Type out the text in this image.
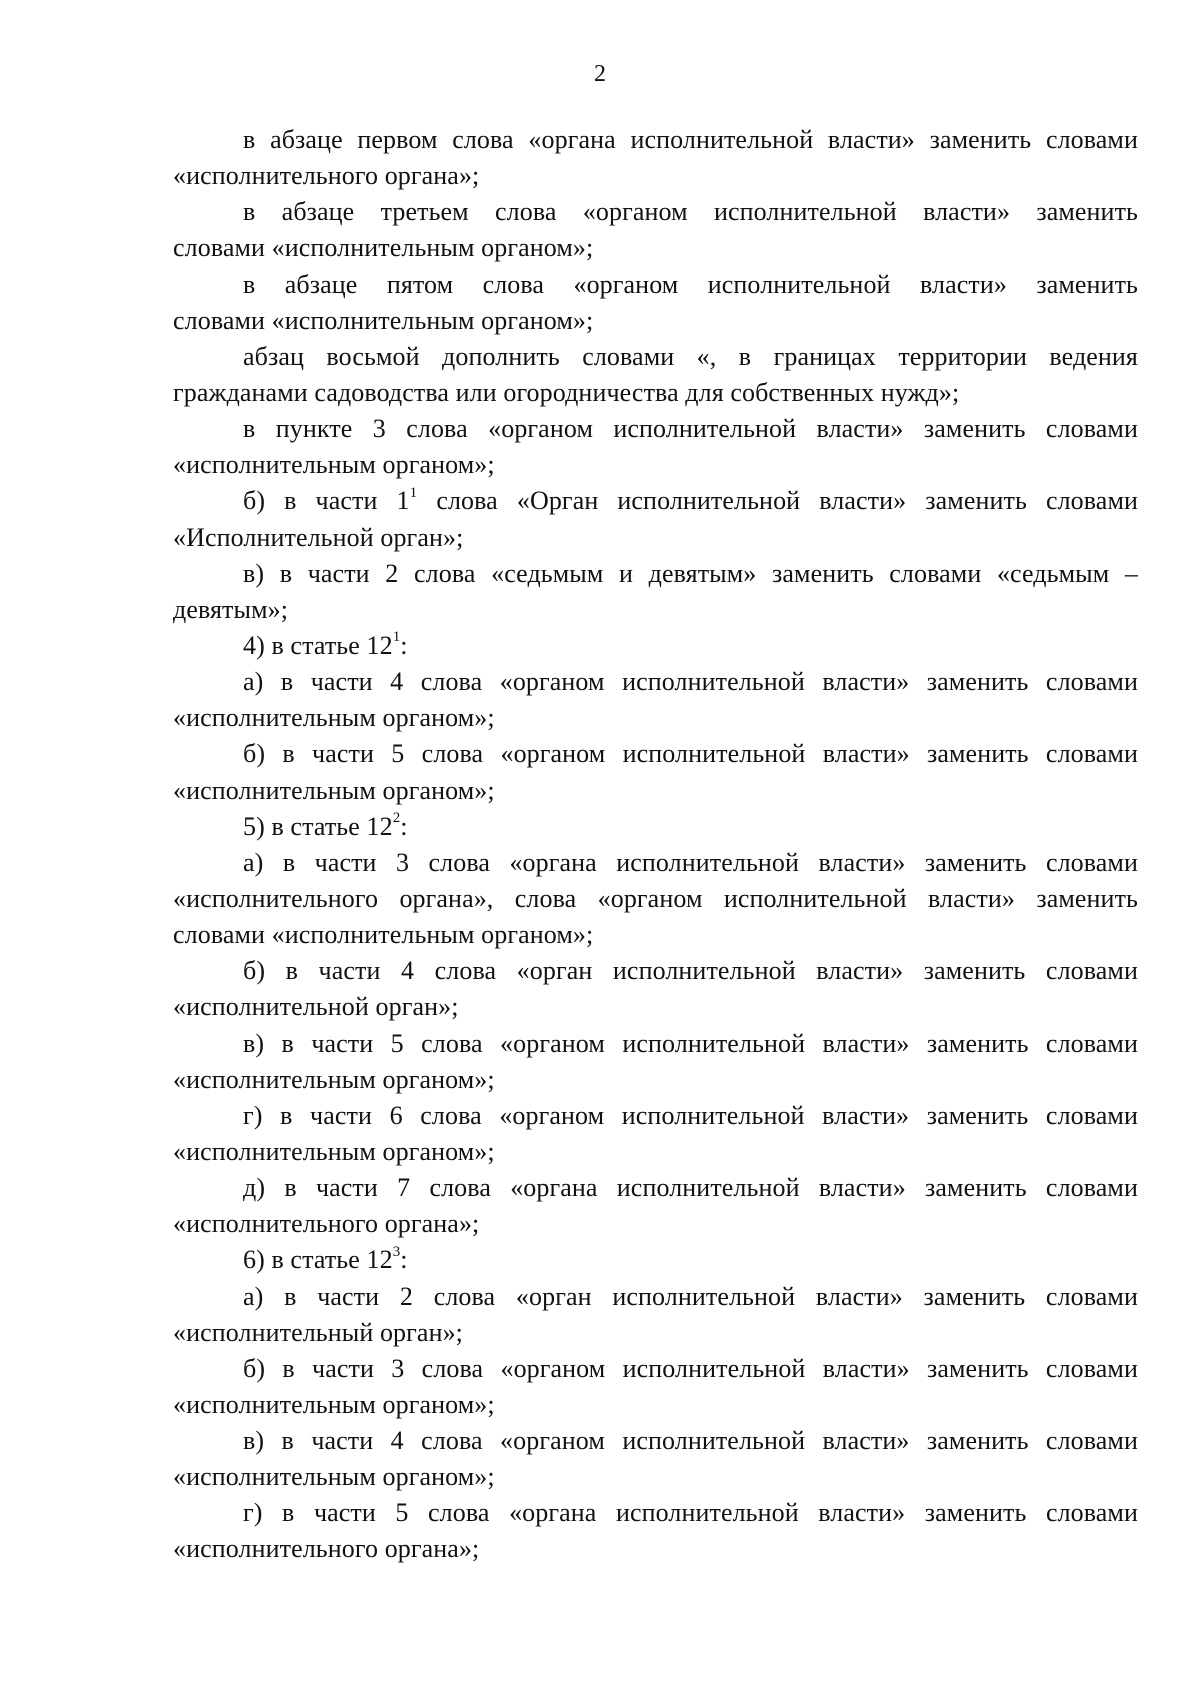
2
в абзаце первом слова «органа исполнительной власти» заменить словами
«исполнительного органа»;
в абзаце третьем слова «органом исполнительной власти» заменить
словами «исполнительным органом»;
в абзаце пятом слова «органом исполнительной власти» заменить
словами «исполнительным органом»;
абзац восьмой дополнить словами «, в границах территории ведения
гражданами садоводства или огородничества для собственных нужд»;
в пункте 3 слова «органом исполнительной власти» заменить словами
«исполнительным органом»;
б) в части $1^1$ слова «Орган исполнительной власти» заменить словами
«Исполнительной орган»;
в) в части 2 слова «седьмым и девятым» заменить словами «седьмым –
девятым»;
4) в статье $12^1$:
а) в части 4 слова «органом исполнительной власти» заменить словами
«исполнительным органом»;
б) в части 5 слова «органом исполнительной власти» заменить словами
«исполнительным органом»;
5) в статье $12^2$:
а) в части 3 слова «органа исполнительной власти» заменить словами
«исполнительного органа», слова «органом исполнительной власти» заменить
словами «исполнительным органом»;
б) в части 4 слова «орган исполнительной власти» заменить словами
«исполнительной орган»;
в) в части 5 слова «органом исполнительной власти» заменить словами
«исполнительным органом»;
г) в части 6 слова «органом исполнительной власти» заменить словами
«исполнительным органом»;
д) в части 7 слова «органа исполнительной власти» заменить словами
«исполнительного органа»;
6) в статье $12^3$:
а) в части 2 слова «орган исполнительной власти» заменить словами
«исполнительный орган»;
б) в части 3 слова «органом исполнительной власти» заменить словами
«исполнительным органом»;
в) в части 4 слова «органом исполнительной власти» заменить словами
«исполнительным органом»;
г) в части 5 слова «органа исполнительной власти» заменить словами
«исполнительного органа»;
